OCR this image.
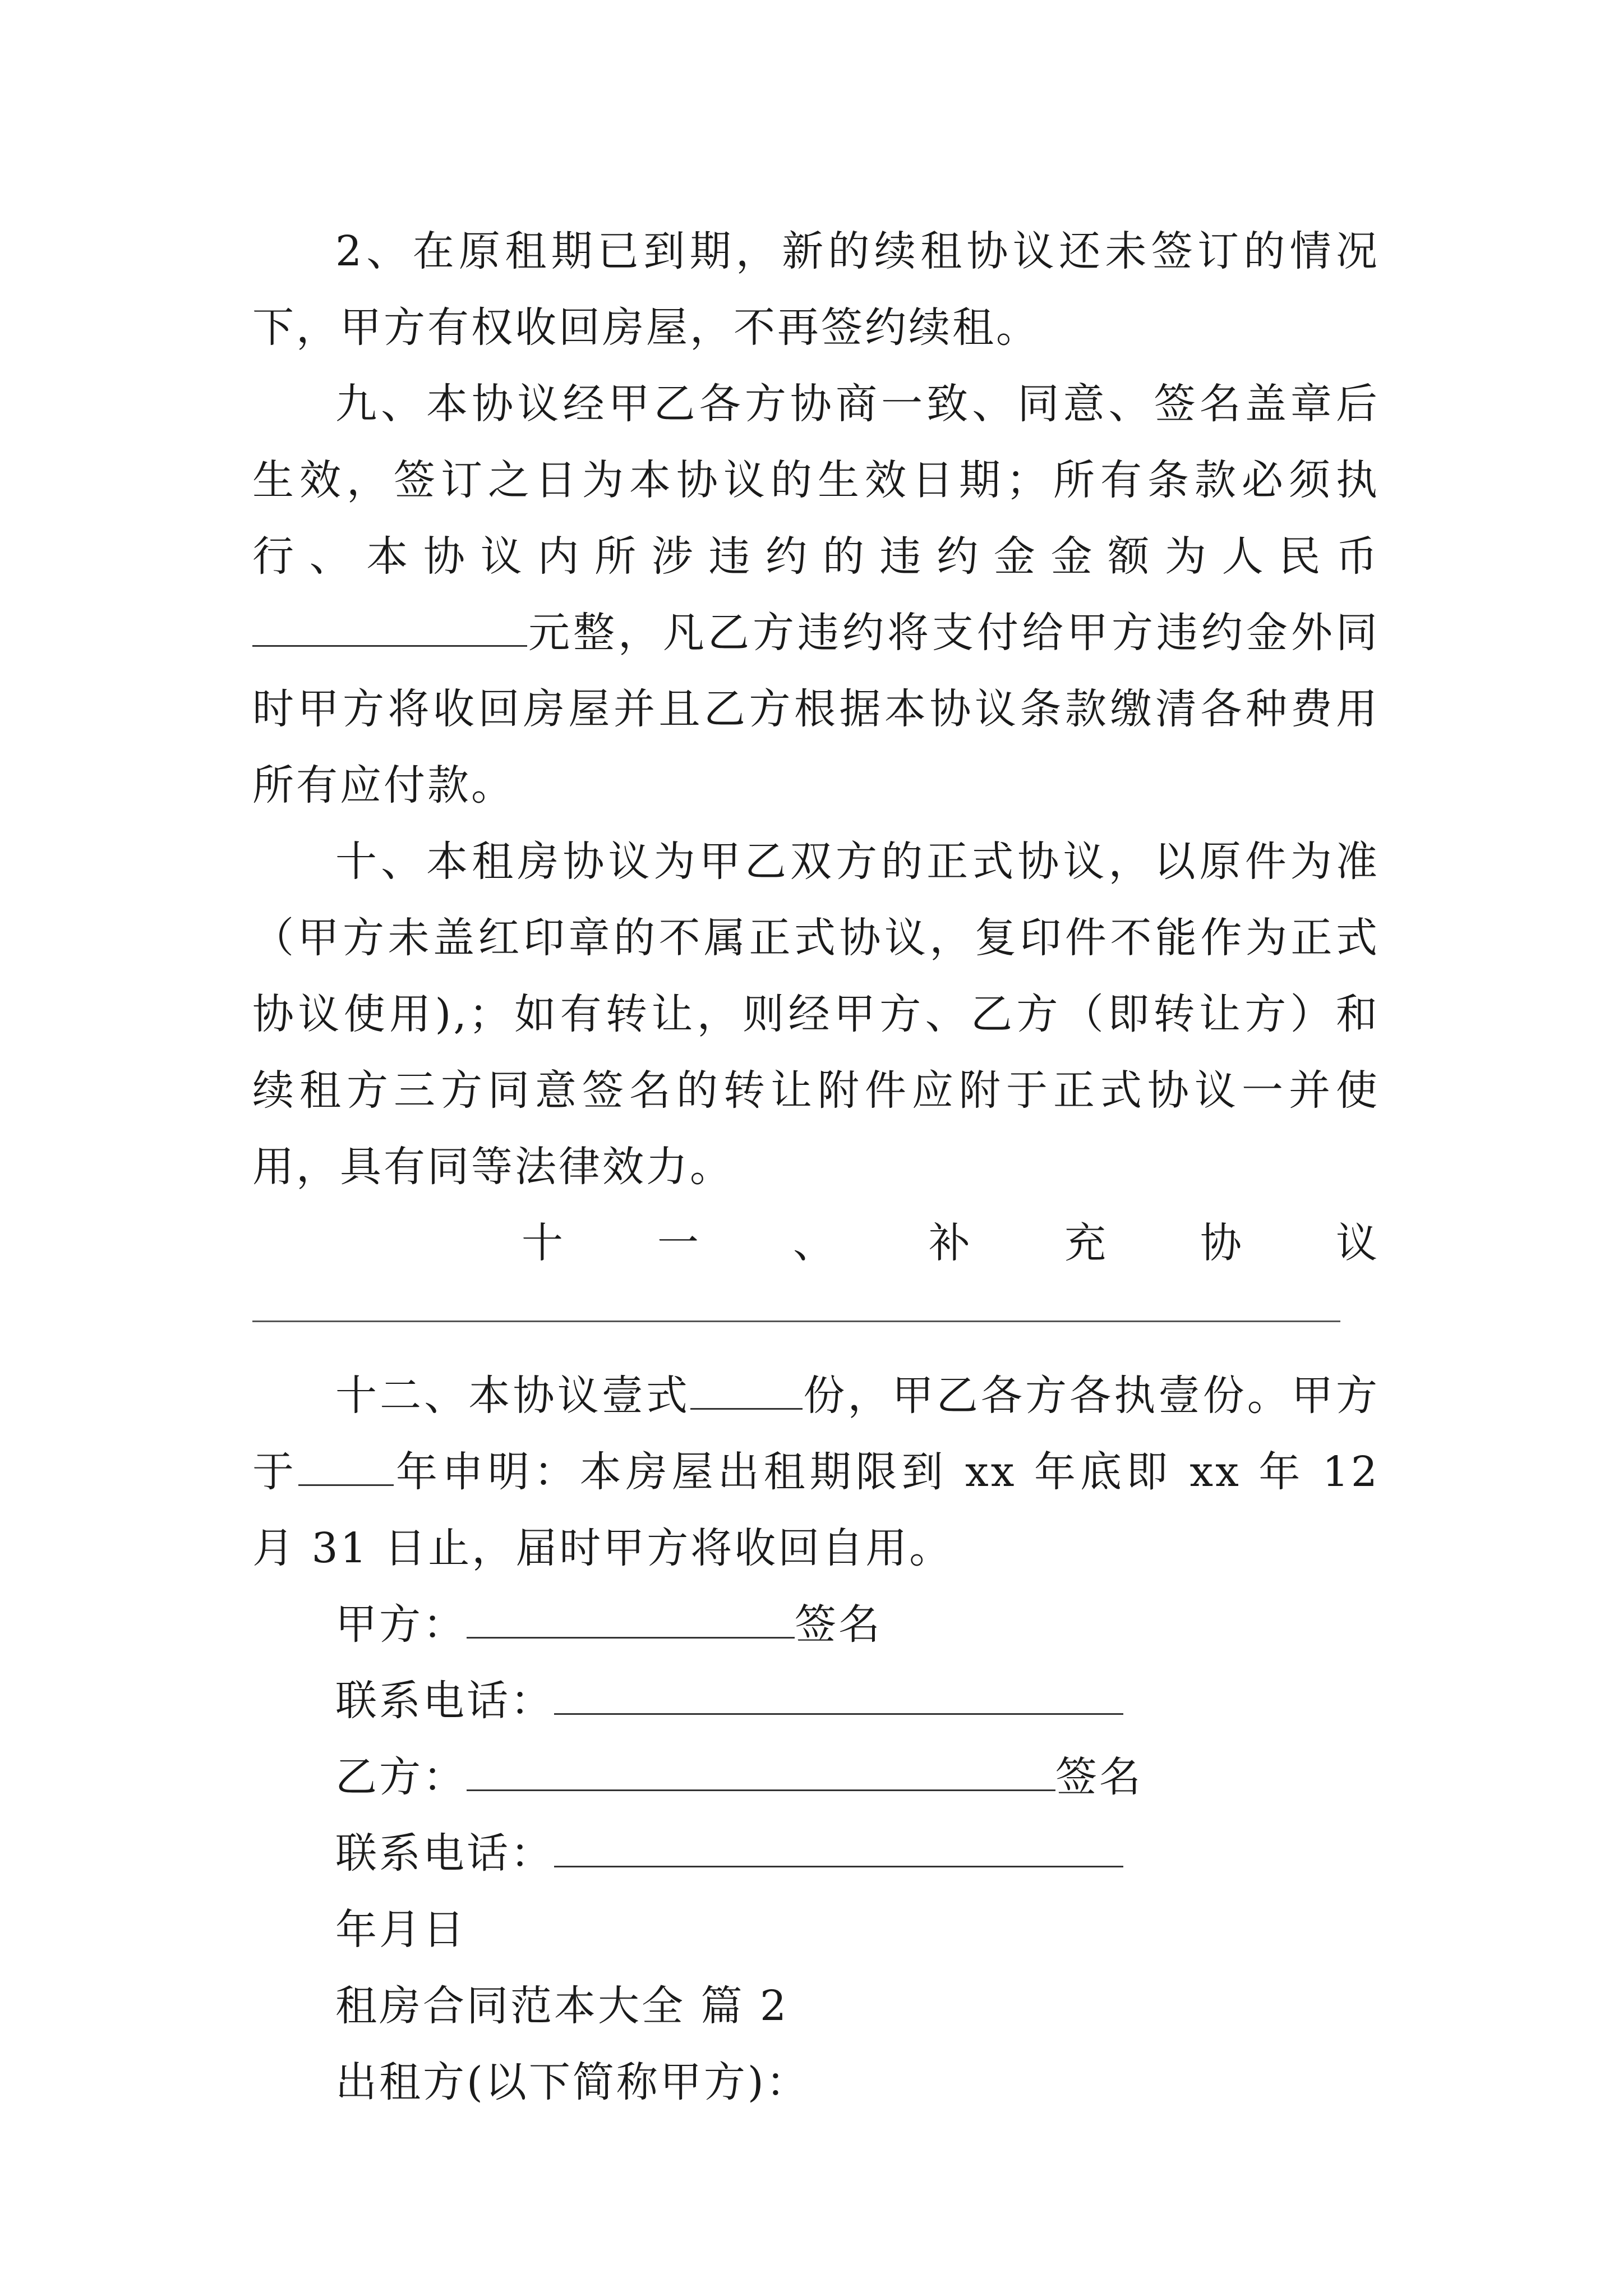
2、在原租期已到期，新的续租协议还未签订的情况下，甲方有权收回房屋，不再签约续租。

九、本协议经甲乙各方协商一致、同意、签名盖章后生效，签订之日为本协议的生效日期；所有条款必须执行、本协议内所涉违约的违约金金额为人民币元整，凡乙方违约将支付给甲方违约金外同时甲方将收回房屋并且乙方根据本协议条款缴清各种费用所有应付款。

十、本租房协议为甲乙双方的正式协议，以原件为准（甲方未盖红印章的不属正式协议，复印件不能作为正式协议使用),；如有转让，则经甲方、乙方（即转让方）和续租方三方同意签名的转让附件应附于正式协议一并使用，具有同等法律效力。

十 一 、 补 充 协 议

十二、本协议壹式	份，甲乙各方各执壹份。甲方于 年申明：本房屋出租期限到 xx 年底即 xx 年 12 月 31 日止，届时甲方将收回自用。

甲方：	签名

联系电话：

乙方：	签名

联系电话：

年月日

租房合同范本大全 篇 2

出租方(以下简称甲方)：
